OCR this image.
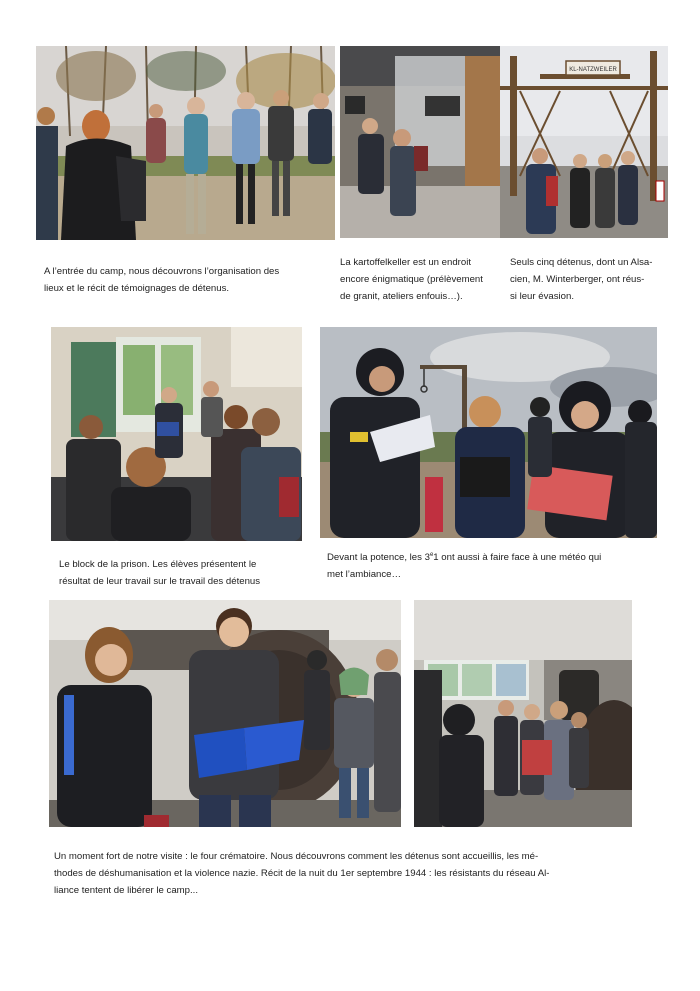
KL-NATZWEILER
A l’entrée du camp, nous découvrons l’organisation des
lieux et le récit de témoignages de détenus.
La kartoffelkeller est un endroit
encore énigmatique (prélèvement
de granit, ateliers enfouis…).
Seuls cinq détenus, dont un Alsa-
cien, M. Winterberger, ont réus-
si leur évasion.
Le block de la prison. Les élèves présentent le
résultat de leur travail sur le travail des détenus
Devant la potence, les 3e1 ont aussi à faire face à une météo qui
met l’ambiance…
Un moment fort de notre visite : le four crématoire. Nous découvrons comment les détenus sont accueillis, les mé-
thodes de déshumanisation et la violence nazie. Récit de la nuit du 1er septembre 1944 : les résistants du réseau Al-
liance tentent de libérer le camp...
